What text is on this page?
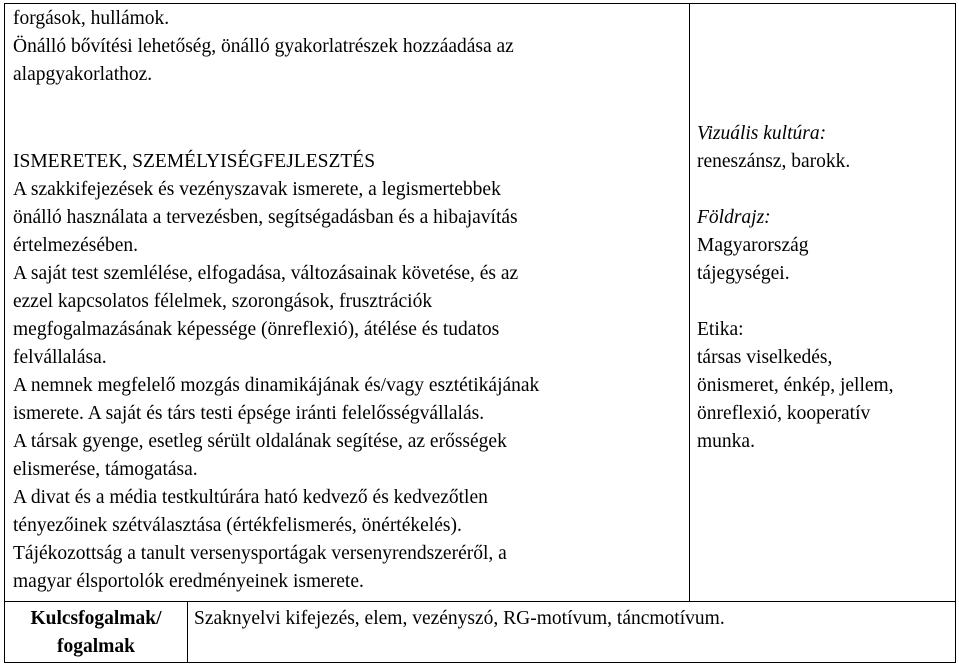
forgások, hullámok.
Önálló bővítési lehetőség, önálló gyakorlatrészek hozzáadása az
alapgyakorlathoz.
ISMERETEK, SZEMÉLYISÉGFEJLESZTÉS
A szakkifejezések és vezényszavak ismerete, a legismertebbek
önálló használata a tervezésben, segítségadásban és a hibajavítás
értelmezésében.
A saját test szemlélése, elfogadása, változásainak követése, és az
ezzel kapcsolatos félelmek, szorongások, frusztrációk
megfogalmazásának képessége (önreflexió), átélése és tudatos
felvállalása.
A nemnek megfelelő mozgás dinamikájának és/vagy esztétikájának
ismerete. A saját és társ testi épsége iránti felelősségvállalás.
A társak gyenge, esetleg sérült oldalának segítése, az erősségek
elismerése, támogatása.
A divat és a média testkultúrára ható kedvező és kedvezőtlen
tényezőinek szétválasztása (értékfelismerés, önértékelés).
Tájékozottság a tanult versenysportágak versenyrendszeréről, a
magyar élsportolók eredményeinek ismerete.
Vizuális kultúra:
reneszánsz, barokk.
Földrajz:
Magyarország
tájegységei.
Etika:
társas viselkedés,
önismeret, énkép, jellem,
önreflexió, kooperatív
munka.
Kulcsfogalmak/
fogalmak
Szaknyelvi kifejezés, elem, vezényszó, RG-motívum, táncmotívum.
